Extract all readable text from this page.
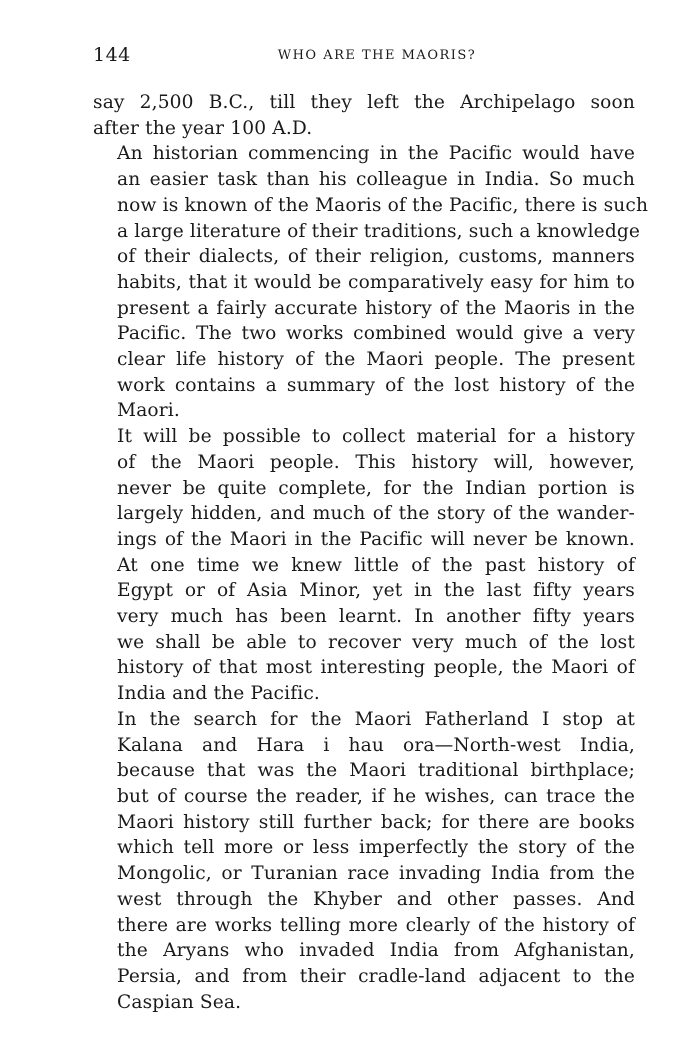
144	WHO ARE THE MAORIS?

say 2,500 B.C., till they left the Archipelago soon
after the year 100 A.D.

An historian commencing in the Pacific would have
an easier task than his colleague in India. So much
now is known of the Maoris of the Pacific, there is such
a large literature of their traditions, such a knowledge
of their dialects, of their religion, customs, manners
habits, that it would be comparatively easy for him to
present a fairly accurate history of the Maoris in the
Pacific. The two works combined would give a very
clear life history of the Maori people. The present
work contains a summary of the lost history of the
Maori.

It will be possible to collect material for a history
of the Maori people. This history will, however,
never be quite complete, for the Indian portion is
largely hidden, and much of the story of the wander-
ings of the Maori in the Pacific will never be known.
At one time we knew little of the past history of
Egypt or of Asia Minor, yet in the last fifty years
very much has been learnt. In another fifty years
we shall be able to recover very much of the lost
history of that most interesting people, the Maori of
India and the Pacific.

In the search for the Maori Fatherland I stop at
Kalana and Hara i hau ora—North-west India,
because that was the Maori traditional birthplace;
but of course the reader, if he wishes, can trace the
Maori history still further back; for there are books
which tell more or less imperfectly the story of the
Mongolic, or Turanian race invading India from the
west through the Khyber and other passes. And
there are works telling more clearly of the history of
the Aryans who invaded India from Afghanistan,
Persia, and from their cradle-land adjacent to the
Caspian Sea.
